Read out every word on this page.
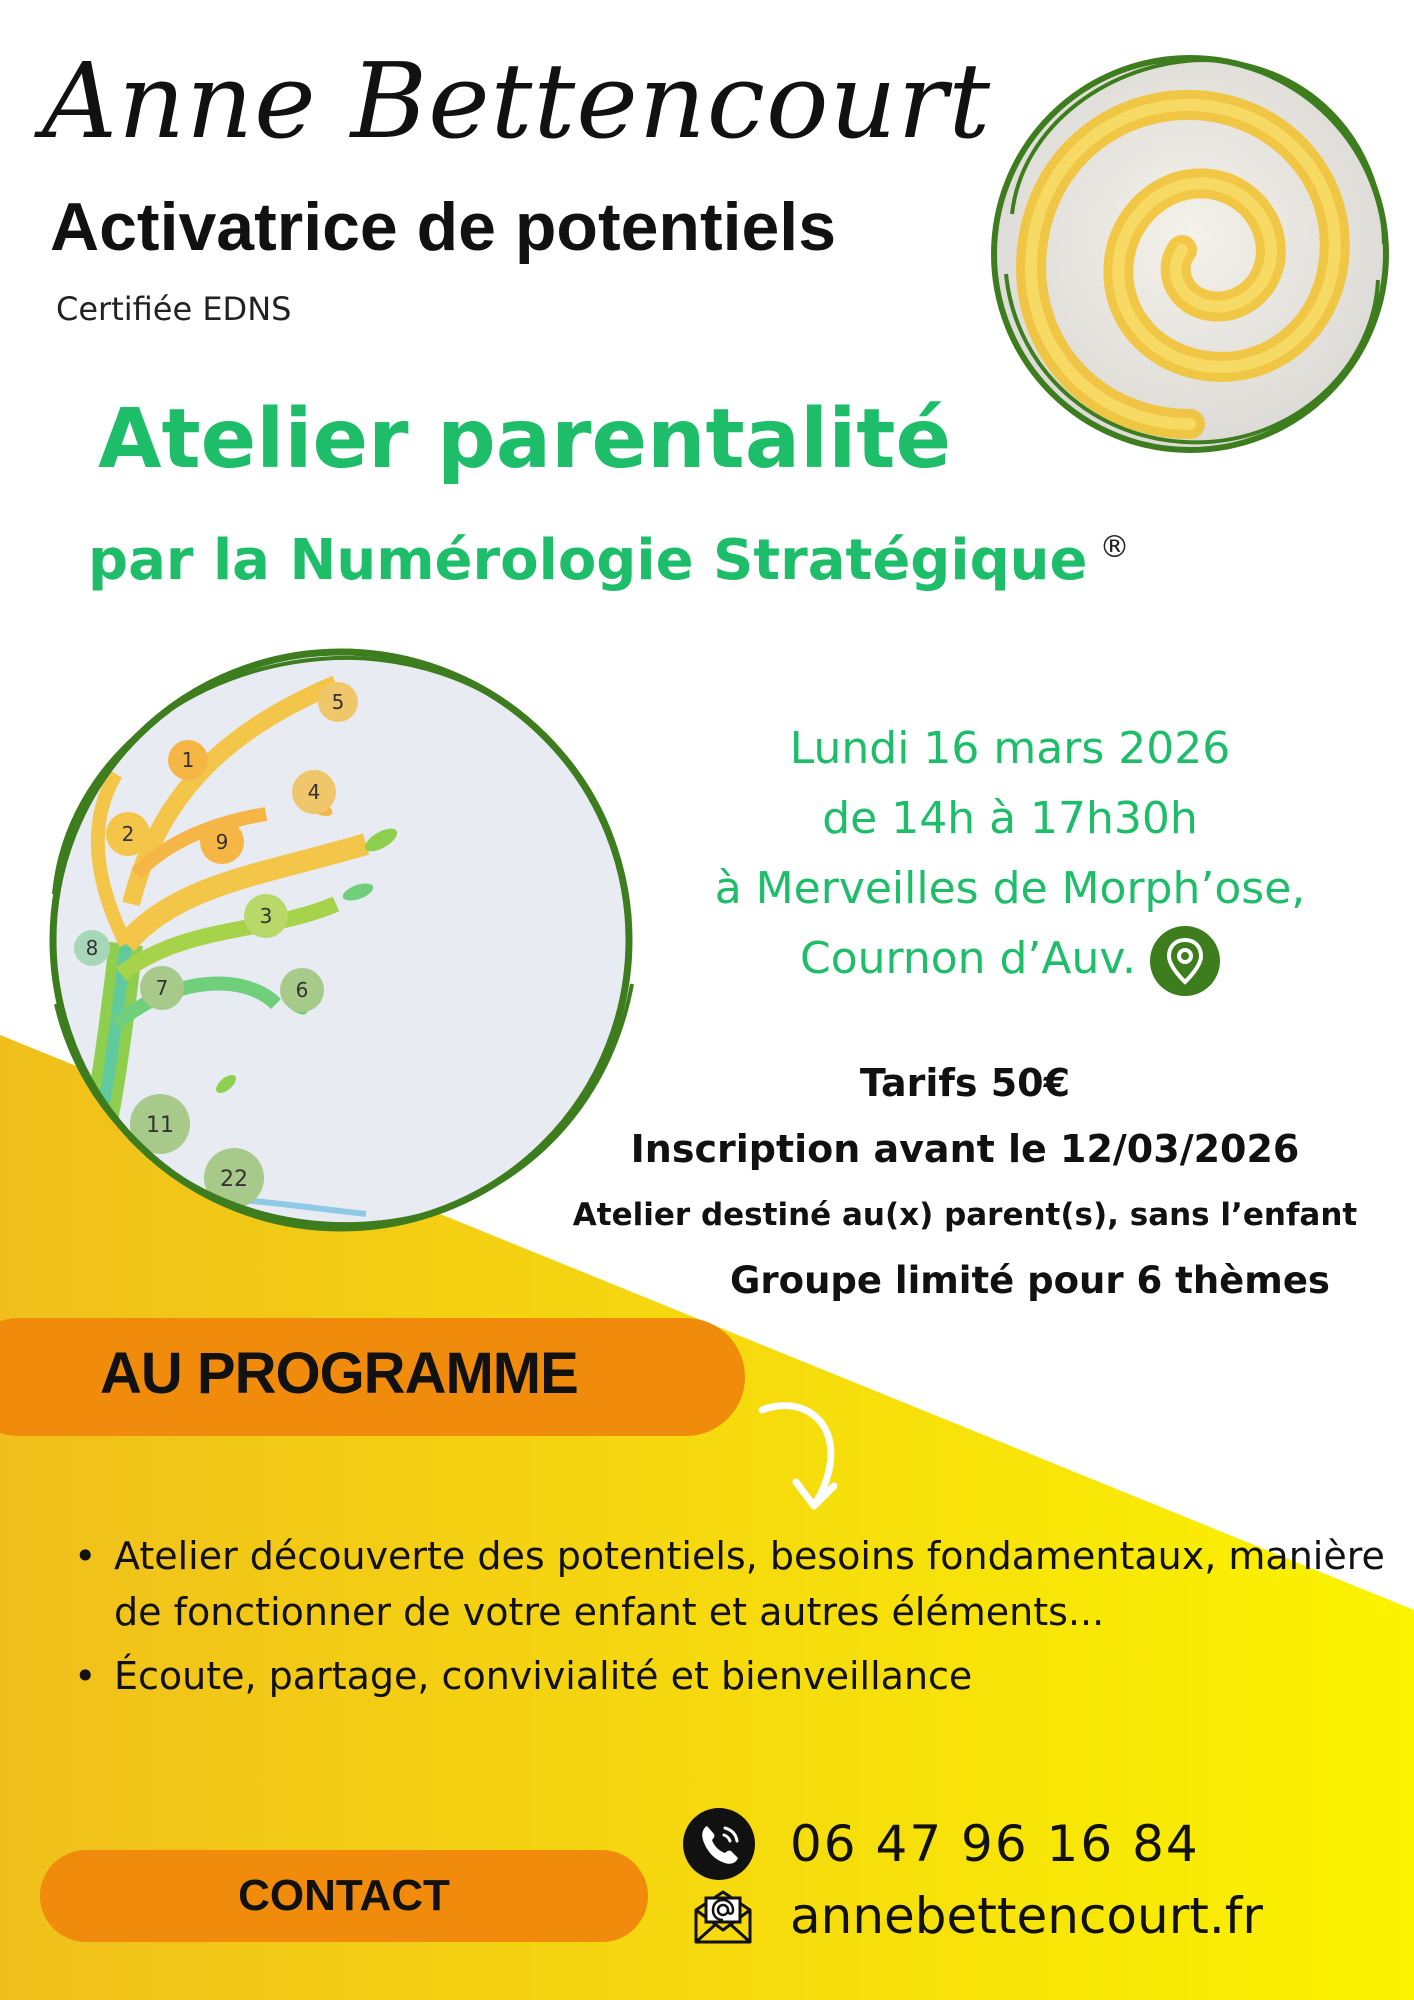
Anne Bettencourt
Activatrice de potentiels
Certifiée EDNS
Atelier parentalité
par la Numérologie Stratégique ®
5
1
4
2	9
3
8
7	6
11
22
Lundi 16 mars 2026
de 14h à 17h30h
à Merveilles de Morph’ose,
Cournon d’Auv.
Tarifs 50€
Inscription avant le 12/03/2026
Atelier destiné au(x) parent(s), sans l’enfant
Groupe limité pour 6 thèmes
AU PROGRAMME
• Atelier découverte des potentiels, besoins fondamentaux, manière de fonctionner de votre enfant et autres éléments...
• Écoute, partage, convivialité et bienveillance
CONTACT
06 47 96 16 84
annebettencourt.fr
